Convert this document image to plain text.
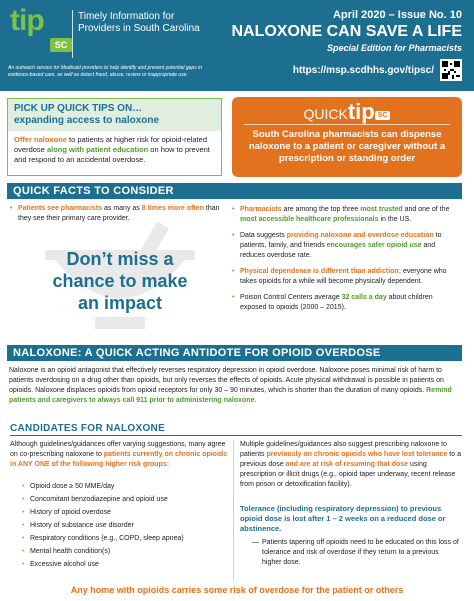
tip
SC
Timely Information for Providers in South Carolina
An outreach service for Medicaid providers to help identify and prevent potential gaps in evidence-based care, as well as detect fraud, abuse, review or inappropriate use.
April 2020 – Issue No. 10
NALOXONE CAN SAVE A LIFE
Special Edition for Pharmacists
https://msp.scdhhs.gov/tipsc/
PICK UP QUICK TIPS ON…
expanding access to naloxone
Offer naloxone to patients at higher risk for opioid-related overdose along with patient education on how to prevent and respond to an accidental overdose.
QUICKtip SC
South Carolina pharmacists can dispense naloxone to a patient or caregiver without a prescription or standing order
QUICK FACTS TO CONSIDER
• Patients see pharmacists as many as 8 times more often than they see their primary care provider.
Don’t miss a chance to make an impact
• Pharmacists are among the top three most trusted and one of the most accessible healthcare professionals in the US.
• Data suggests providing naloxone and overdose education to patients, family, and friends encourages safer opioid use and reduces overdose rate.
• Physical dependence is different than addiction; everyone who takes opioids for a while will become physically dependent.
• Poison Control Centers average 32 calls a day about children exposed to opioids (2000 – 2015).
NALOXONE: A QUICK ACTING ANTIDOTE FOR OPIOID OVERDOSE
Naloxone is an opioid antagonist that effectively reverses respiratory depression in opioid overdose. Naloxone poses minimal risk of harm to patients overdosing on a drug other than opioids, but only reverses the effects of opioids. Acute physical withdrawal is possible in patients on opioids. Naloxone displaces opioids from opioid receptors for only 30 – 90 minutes, which is shorter than the duration of many opioids. Remind patients and caregivers to always call 911 prior to administering naloxone.
CANDIDATES FOR NALOXONE
Although guidelines/guidances offer varying suggestions, many agree on co-prescribing naloxone to patients currently on chronic opioids in ANY ONE of the following higher risk groups:
• Opioid dose ≥ 50 MME/day
• Concomitant benzodiazepine and opioid use
• History of opioid overdose
• History of substance use disorder
• Respiratory conditions (e.g., COPD, sleep apnea)
• Mental health condition(s)
• Excessive alcohol use
Multiple guidelines/guidances also suggest prescribing naloxone to patients previously on chronic opioids who have lost tolerance to a previous dose and are at risk of resuming that dose using prescription or illicit drugs (e.g., opioid taper underway, recent release from prison or detoxification facility).
Tolerance (including respiratory depression) to previous opioid dose is lost after 1 – 2 weeks on a reduced dose or abstinence.
— Patients tapering off opioids need to be educated on this loss of tolerance and risk of overdose if they return to a previous higher dose.
Any home with opioids carries some risk of overdose for the patient or others
